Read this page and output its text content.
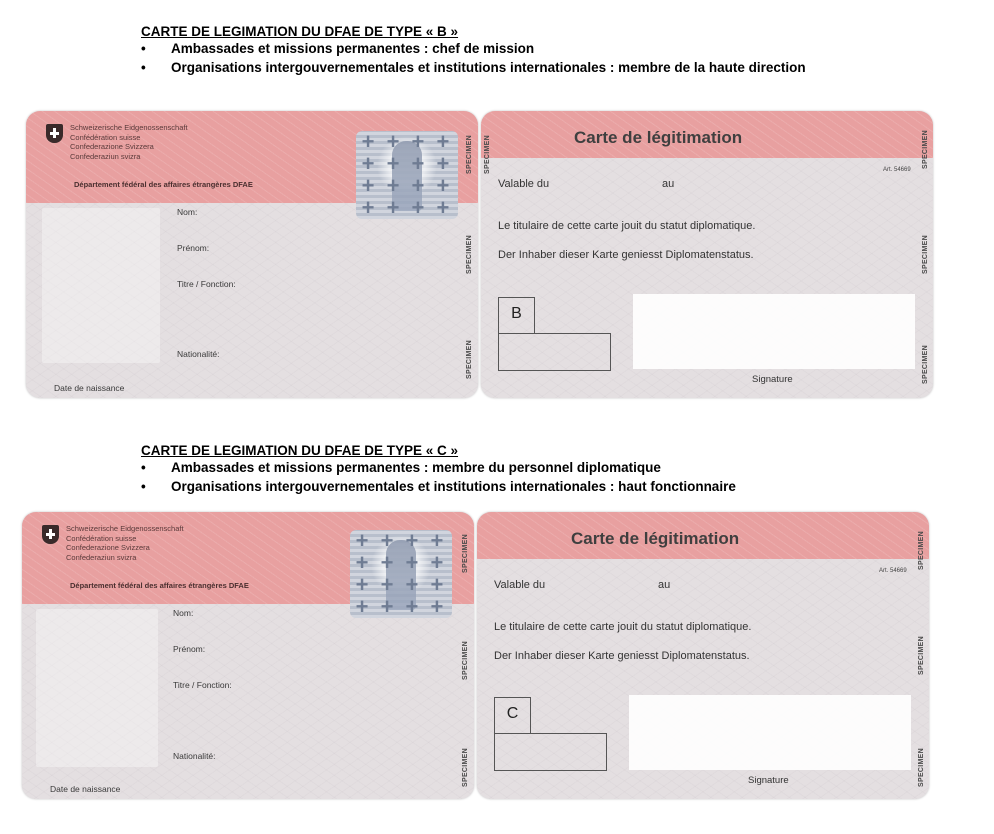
CARTE DE LEGIMATION DU DFAE DE TYPE « B »
• Ambassades et missions permanentes : chef de mission
• Organisations intergouvernementales et institutions internationales : membre de la haute direction
Schweizerische Eidgenossenschaft
Confédération suisse
Confederazione Svizzera
Confederaziun svizra
Département fédéral des affaires étrangères DFAE
+ + + +
+ + + +
+ + + +
+ + + +
SPECIMEN
SPECIMEN
SPECIMEN
Nom:
Prénom:
Titre / Fonction:
Nationalité:
Date de naissance
Carte de légitimation
Art. 54669
Valable du	au
Le titulaire de cette carte jouit du statut diplomatique.
Der Inhaber dieser Karte geniesst Diplomatenstatus.
B
Signature
SPECIMEN	SPECIMEN
SPECIMEN
SPECIMEN
CARTE DE LEGIMATION DU DFAE DE TYPE « C »
• Ambassades et missions permanentes : membre du personnel diplomatique
• Organisations intergouvernementales et institutions internationales : haut fonctionnaire
Schweizerische Eidgenossenschaft
Confédération suisse
Confederazione Svizzera
Confederaziun svizra
Département fédéral des affaires étrangères DFAE
+ + + +
+ + + +
+ + + +
+ + + +
SPECIMEN
SPECIMEN
SPECIMEN
Nom:
Prénom:
Titre / Fonction:
Nationalité:
Date de naissance
Carte de légitimation
Art. 54669
Valable du	au
Le titulaire de cette carte jouit du statut diplomatique.
Der Inhaber dieser Karte geniesst Diplomatenstatus.
C
Signature
SPECIMEN
SPECIMEN
SPECIMEN
